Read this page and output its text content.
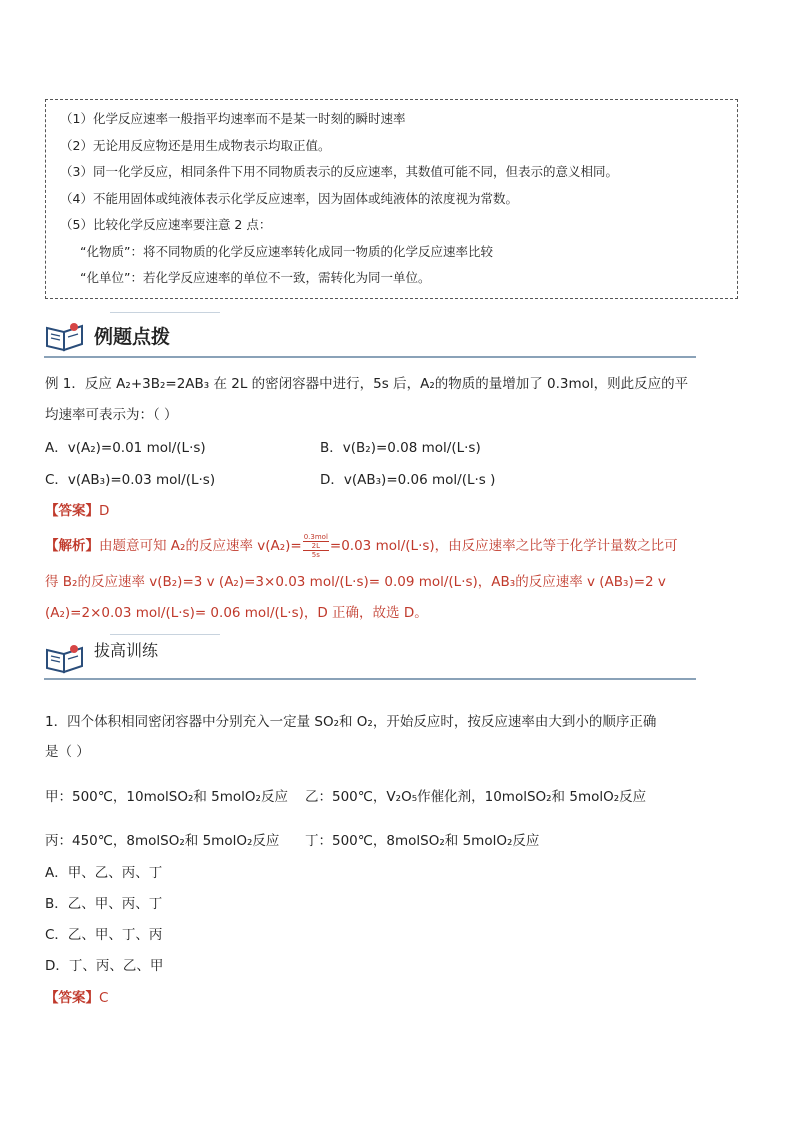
（1）化学反应速率一般指平均速率而不是某一时刻的瞬时速率
（2）无论用反应物还是用生成物表示均取正值。
（3）同一化学反应，相同条件下用不同物质表示的反应速率，其数值可能不同，但表示的意义相同。
（4）不能用固体或纯液体表示化学反应速率，因为固体或纯液体的浓度视为常数。
（5）比较化学反应速率要注意 2 点：
“化物质”：将不同物质的化学反应速率转化成同一物质的化学反应速率比较
“化单位”：若化学反应速率的单位不一致，需转化为同一单位。
例题点拨
例 1．反应 A₂+3B₂=2AB₃ 在 2L 的密闭容器中进行，5s 后，A₂的物质的量增加了 0.3mol，则此反应的平
均速率可表示为：（ ）
A．v(A₂)=0.01 mol/(L·s)	B．v(B₂)=0.08 mol/(L·s)
C．v(AB₃)=0.03 mol/(L·s)	D．v(AB₃)=0.06 mol/(L·s )
【答案】D
【解析】由题意可知 A₂的反应速率 v(A₂)=
0.3mol
2L
5s
=0.03 mol/(L·s)，由反应速率之比等于化学计量数之比可
得 B₂的反应速率 v(B₂)=3 v (A₂)=3×0.03 mol/(L·s)= 0.09 mol/(L·s)，AB₃的反应速率 v (AB₃)=2 v
(A₂)=2×0.03 mol/(L·s)= 0.06 mol/(L·s)，D 正确，故选 D。
拔高训练
1．四个体积相同密闭容器中分别充入一定量 SO₂和 O₂，开始反应时，按反应速率由大到小的顺序正确
是（ ）
甲：500℃，10molSO₂和 5molO₂反应 乙：500℃，V₂O₅作催化剂，10molSO₂和 5molO₂反应
丙：450℃，8molSO₂和 5molO₂反应 丁：500℃，8molSO₂和 5molO₂反应
A．甲、乙、丙、丁
B．乙、甲、丙、丁
C．乙、甲、丁、丙
D．丁、丙、乙、甲
【答案】C
